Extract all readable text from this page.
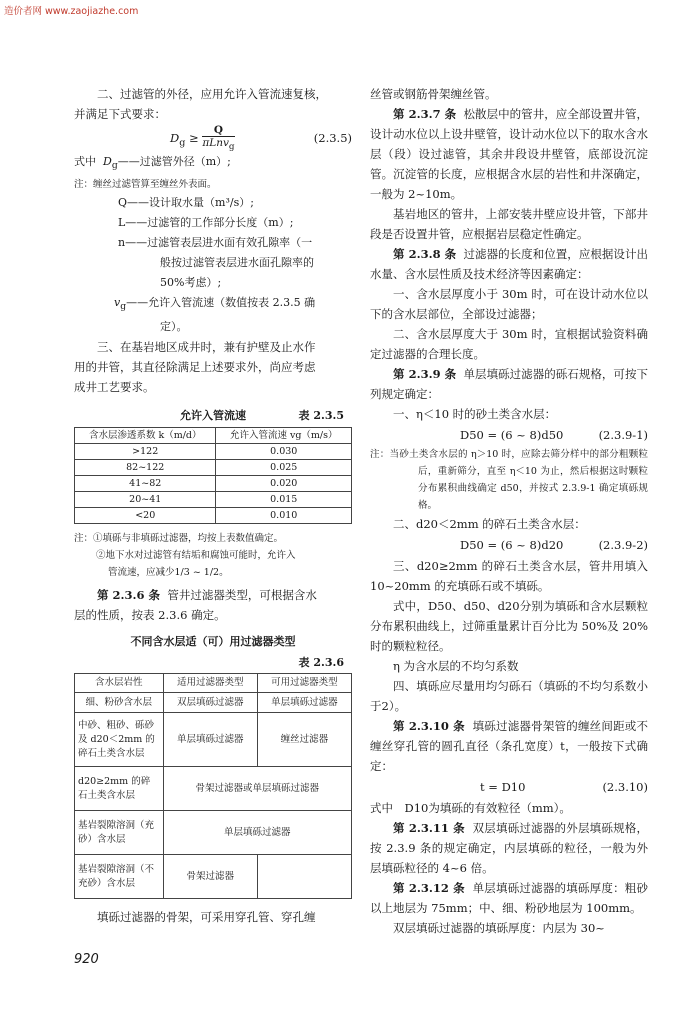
造价者网 www.zaojiazhe.com

二、过滤管的外径，应用允许入管流速复核，

并满足下式要求：

$D_g \ge \frac{Q}{\pi Lnv_g}$	(2.3.5)
式中 $D_g——$过滤管外径（m）;
注：缠丝过滤管算至缠丝外表面。
Q——设计取水量（m³/s）;
L——过滤管的工作部分长度（m）;
n——过滤管表层进水面有效孔隙率（一
般按过滤管表层进水面孔隙率的
50%考虑）;
$v_g——$允许入管流速（数值按表 2.3.5 确
定）。

三、在基岩地区成井时，兼有护壁及止水作

用的井管，其直径除满足上述要求外，尚应考虑

成井工艺要求。

允许入管流速	表 2.3.5
含水层渗透系数 k（m/d）	允许入管流速 vg（m/s）
>122	0.030
82~122	0.025
41~82	0.020
20~41	0.015
<20	0.010
注：①填砾与非填砾过滤器，均按上表数值确定。
②地下水对过滤管有结垢和腐蚀可能时，允许入
管流速，应减少1/3 ~ 1/2。

第 2.3.6 条 管井过滤器类型，可根据含水

层的性质，按表 2.3.6 确定。

不同含水层适（可）用过滤器类型
表 2.3.6
含水层岩性	适用过滤器类型	可用过滤器类型
细、粉砂含水层	双层填砾过滤器	单层填砾过滤器
中砂、粗砂、砾砂及 d20＜2mm 的碎石土类含水层	单层填砾过滤器	缠丝过滤器
d20≥2mm 的碎石土类含水层	骨架过滤器或单层填砾过滤器	
基岩裂隙溶洞（充砂）含水层	单层填砾过滤器	
基岩裂隙溶洞（不充砂）含水层	骨架过滤器	

填砾过滤器的骨架，可采用穿孔管、穿孔缠

920

丝管或钢筋骨架缠丝管。

第 2.3.7 条 松散层中的管井，应全部设置井管，设计动水位以上设井壁管，设计动水位以下的取水含水层（段）设过滤管，其余井段设井壁管，底部设沉淀管。沉淀管的长度，应根据含水层的岩性和井深确定，一般为 2~10m。

基岩地区的管井，上部安装井壁应设井管，下部井段是否设置井管，应根据岩层稳定性确定。

第 2.3.8 条 过滤器的长度和位置，应根据设计出水量、含水层性质及技术经济等因素确定：

一、含水层厚度小于 30m 时，可在设计动水位以下的含水层部位，全部设过滤器；

二、含水层厚度大于 30m 时，宜根据试验资料确定过滤器的合理长度。

第 2.3.9 条 单层填砾过滤器的砾石规格，可按下列规定确定：

一、η＜10 时的砂土类含水层：

D50 = (6 ~ 8)d50	(2.3.9-1)

注：当砂土类含水层的 η＞10 时，应除去筛分样中的部分粗颗粒后，重新筛分，直至 η＜10 为止，然后根据这时颗粒分布累积曲线确定 d50，并按式 2.3.9-1 确定填砾规格。

二、d20＜2mm 的碎石土类含水层：

D50 = (6 ~ 8)d20	(2.3.9-2)

三、d20≥2mm 的碎石土类含水层，管井用填入 10~20mm 的充填砾石或不填砾。

式中，D50、d50、d20分别为填砾和含水层颗粒分布累积曲线上，过筛重量累计百分比为 50%及 20%时的颗粒粒径。

η 为含水层的不均匀系数

四、填砾应尽量用均匀砾石（填砾的不均匀系数小于2）。

第 2.3.10 条 填砾过滤器骨架管的缠丝间距或不缠丝穿孔管的圆孔直径（条孔宽度）t，一般按下式确定：

t = D10	(2.3.10)

式中　D10为填砾的有效粒径（mm）。

第 2.3.11 条 双层填砾过滤器的外层填砾规格，按 2.3.9 条的规定确定，内层填砾的粒径，一般为外层填砾粒径的 4~6 倍。

第 2.3.12 条 单层填砾过滤器的填砾厚度：粗砂以上地层为 75mm；中、细、粉砂地层为 100mm。

双层填砾过滤器的填砾厚度：内层为 30~
